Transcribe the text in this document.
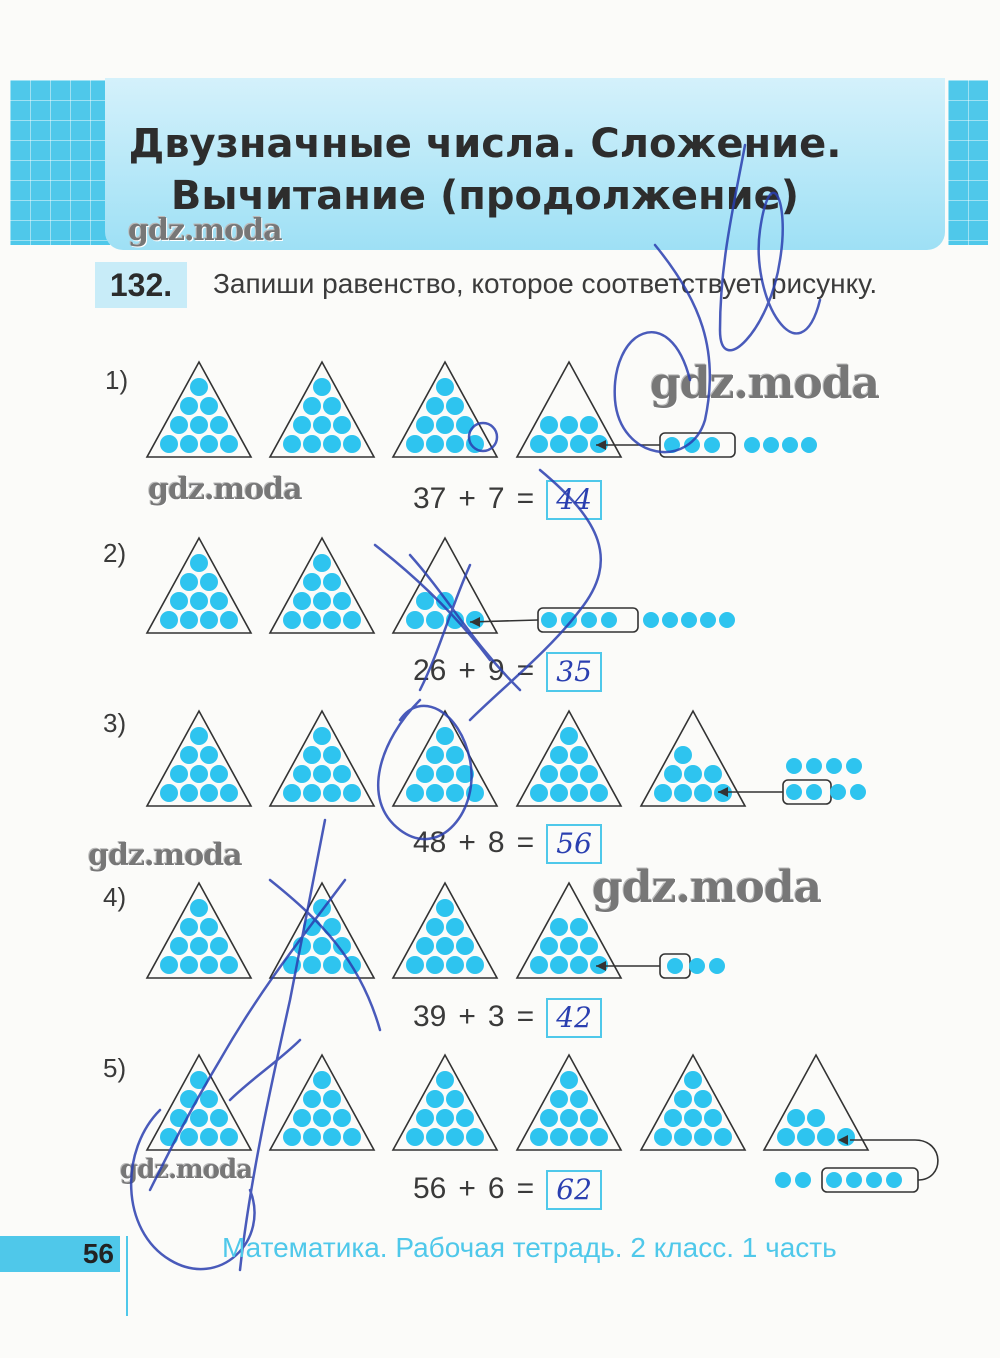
Двузначные числа. Сложение.
Вычитание (продолжение)
132.	Запиши равенство, которое соответствует рисунку.
1)
2)
3)
4)
5)
37 + 7 = 44
26 + 9 = 35
48 + 8 = 56
39 + 3 = 42
56 + 6 = 62
gdz.moda
gdz.moda
gdz.moda
gdz.moda
gdz.moda
gdz.moda
56	Математика. Рабочая тетрадь. 2 класс. 1 часть
